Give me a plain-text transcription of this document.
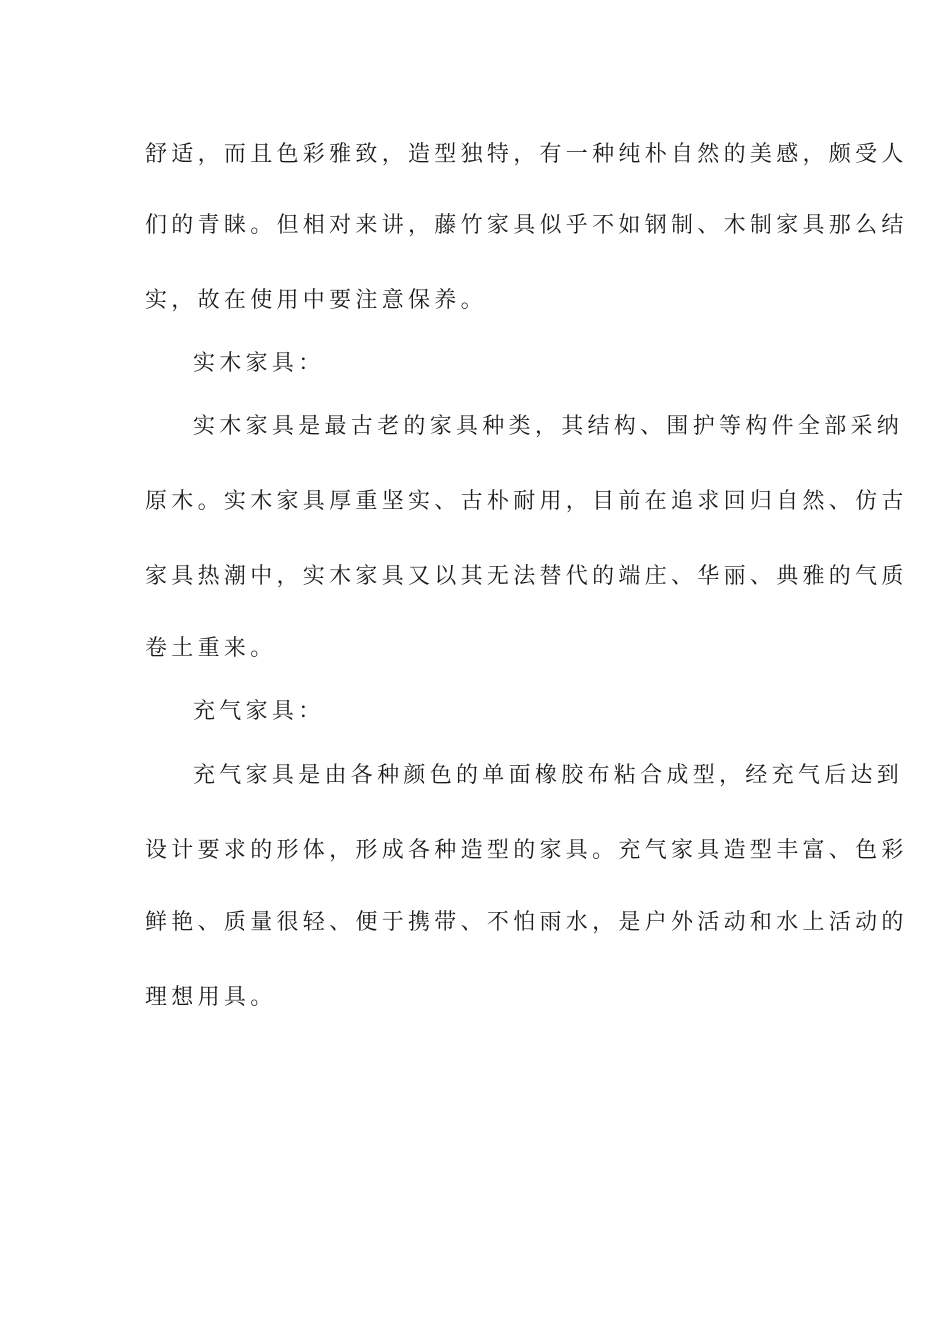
舒适，而且色彩雅致，造型独特，有一种纯朴自然的美感，颇受人
们的青睐。但相对来讲，藤竹家具似乎不如钢制、木制家具那么结
实，故在使用中要注意保养。
实木家具：
实木家具是最古老的家具种类，其结构、围护等构件全部采纳
原木。实木家具厚重坚实、古朴耐用，目前在追求回归自然、仿古
家具热潮中，实木家具又以其无法替代的端庄、华丽、典雅的气质
卷土重来。
充气家具：
充气家具是由各种颜色的单面橡胶布粘合成型，经充气后达到
设计要求的形体，形成各种造型的家具。充气家具造型丰富、色彩
鲜艳、质量很轻、便于携带、不怕雨水，是户外活动和水上活动的
理想用具。
